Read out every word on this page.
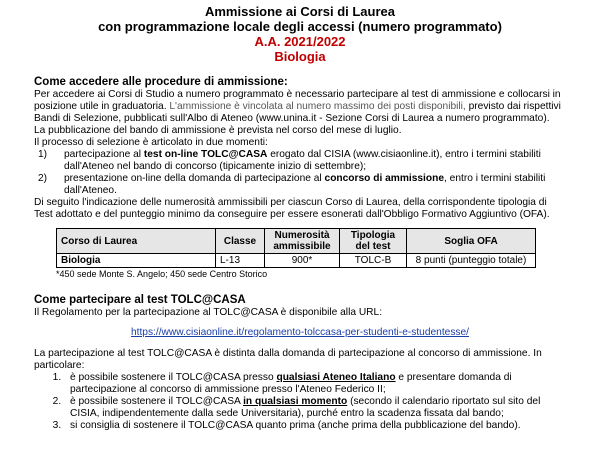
Ammissione ai Corsi di Laurea
con programmazione locale degli accessi (numero programmato)
A.A. 2021/2022
Biologia
Come accedere alle procedure di ammissione:
Per accedere ai Corsi di Studio a numero programmato è necessario partecipare al test di ammissione e collocarsi in posizione utile in graduatoria. L'ammissione è vincolata al numero massimo dei posti disponibili, previsto dai rispettivi Bandi di Selezione, pubblicati sull'Albo di Ateneo (www.unina.it - Sezione Corsi di Laurea a numero programmato).
La pubblicazione del bando di ammissione è prevista nel corso del mese di luglio.
Il processo di selezione è articolato in due momenti:
1) partecipazione al test on-line TOLC@CASA erogato dal CISIA (www.cisiaonline.it), entro i termini stabiliti dall'Ateneo nel bando di concorso (tipicamente inizio di settembre);
2) presentazione on-line della domanda di partecipazione al concorso di ammissione, entro i termini stabiliti dall'Ateneo.
Di seguito l'indicazione delle numerosità ammissibili per ciascun Corso di Laurea, della corrispondente tipologia di Test adottato e del punteggio minimo da conseguire per essere esonerati dall'Obbligo Formativo Aggiuntivo (OFA).
Corso di Laurea	Classe	Numerosità ammissibile	Tipologia del test	Soglia OFA
Biologia	L-13	900*	TOLC-B	8 punti (punteggio totale)
*450 sede Monte S. Angelo; 450 sede Centro Storico
Come partecipare al test TOLC@CASA
Il Regolamento per la partecipazione al TOLC@CASA è disponibile alla URL:
https://www.cisiaonline.it/regolamento-tolccasa-per-studenti-e-studentesse/
La partecipazione al test TOLC@CASA è distinta dalla domanda di partecipazione al concorso di ammissione. In particolare:
1. è possibile sostenere il TOLC@CASA presso qualsiasi Ateneo Italiano e presentare domanda di partecipazione al concorso di ammissione presso l'Ateneo Federico II;
2. è possibile sostenere il TOLC@CASA in qualsiasi momento (secondo il calendario riportato sul sito del CISIA, indipendentemente dalla sede Universitaria), purché entro la scadenza fissata dal bando;
3. si consiglia di sostenere il TOLC@CASA quanto prima (anche prima della pubblicazione del bando).
